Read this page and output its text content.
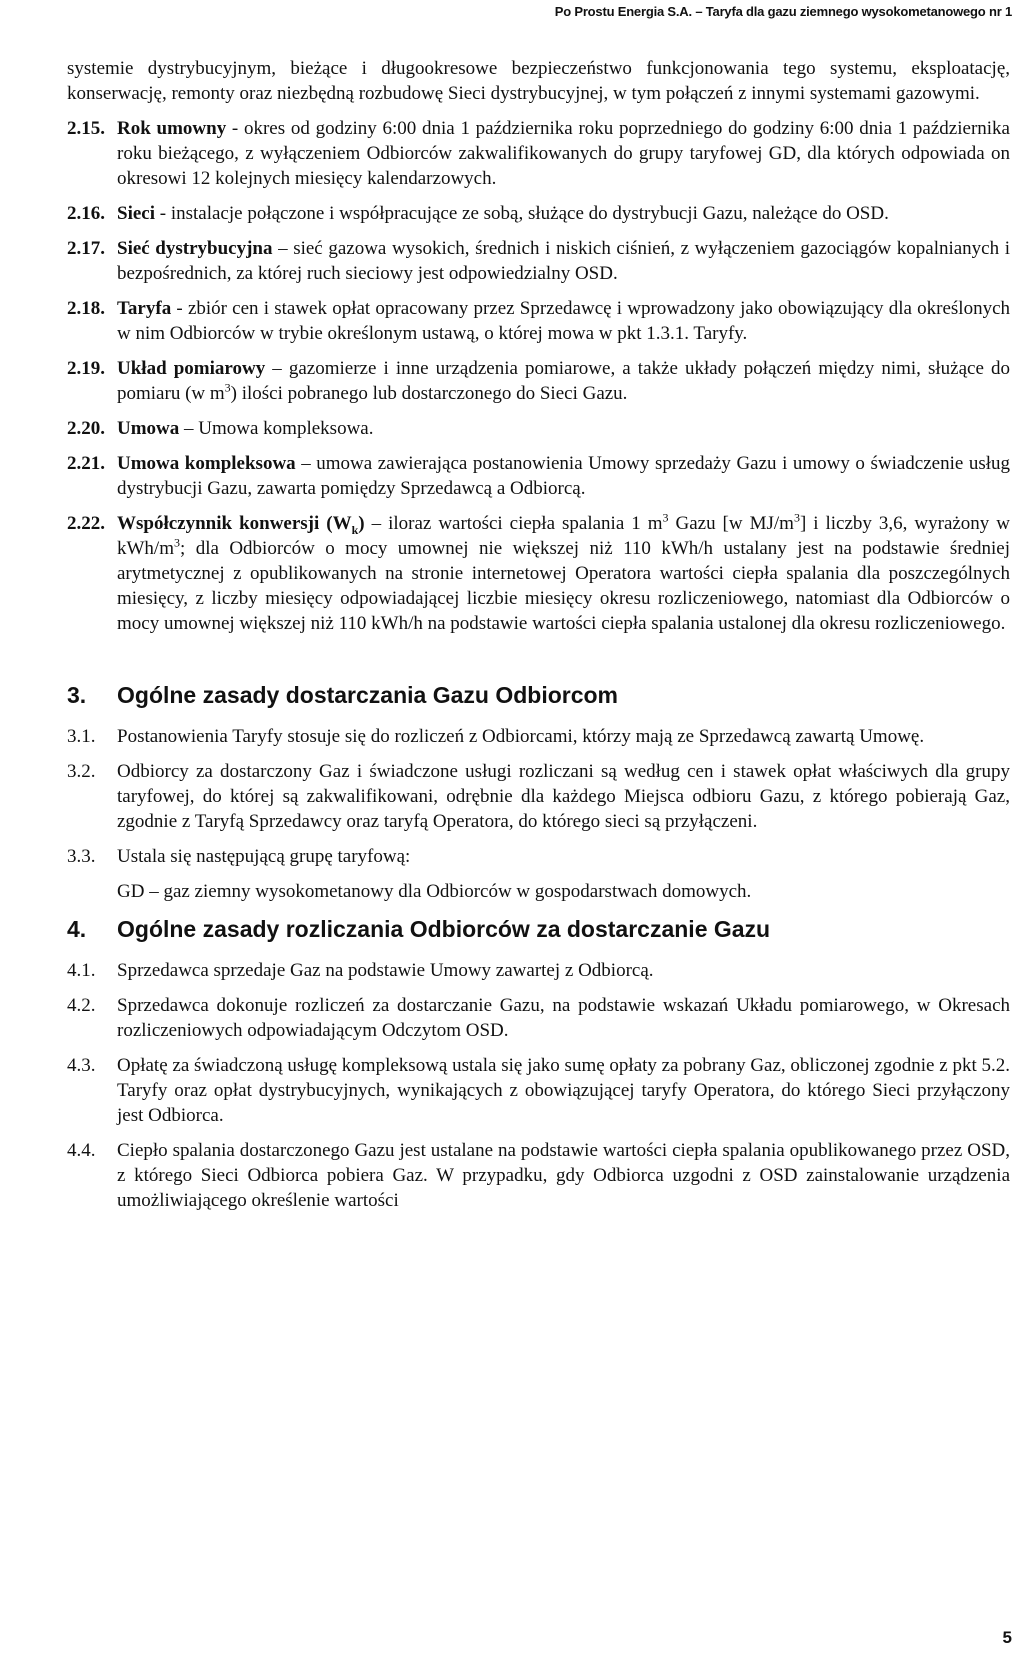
Po Prostu Energia S.A. – Taryfa dla gazu ziemnego wysokometanowego nr 1

systemie dystrybucyjnym, bieżące i długookresowe bezpieczeństwo funkcjonowania tego systemu, eksploatację, konserwację, remonty oraz niezbędną rozbudowę Sieci dystrybucyjnej, w tym połączeń z innymi systemami gazowymi.

2.15. Rok umowny - okres od godziny 6:00 dnia 1 października roku poprzedniego do godziny 6:00 dnia 1 października roku bieżącego, z wyłączeniem Odbiorców zakwalifikowanych do grupy taryfowej GD, dla których odpowiada on okresowi 12 kolejnych miesięcy kalendarzowych.

2.16. Sieci - instalacje połączone i współpracujące ze sobą, służące do dystrybucji Gazu, należące do OSD.

2.17. Sieć dystrybucyjna – sieć gazowa wysokich, średnich i niskich ciśnień, z wyłączeniem gazociągów kopalnianych i bezpośrednich, za której ruch sieciowy jest odpowiedzialny OSD.

2.18. Taryfa - zbiór cen i stawek opłat opracowany przez Sprzedawcę i wprowadzony jako obowiązujący dla określonych w nim Odbiorców w trybie określonym ustawą, o której mowa w pkt 1.3.1. Taryfy.

2.19. Układ pomiarowy – gazomierze i inne urządzenia pomiarowe, a także układy połączeń między nimi, służące do pomiaru (w $m^3$) ilości pobranego lub dostarczonego do Sieci Gazu.

2.20. Umowa – Umowa kompleksowa.

2.21. Umowa kompleksowa – umowa zawierająca postanowienia Umowy sprzedaży Gazu i umowy o świadczenie usług dystrybucji Gazu, zawarta pomiędzy Sprzedawcą a Odbiorcą.

2.22. Współczynnik konwersji $(W_k)$ – iloraz wartości ciepła spalania 1 $m^3$ Gazu [w $MJ/m^3$] i liczby 3,6, wyrażony w kWh/$m^3$; dla Odbiorców o mocy umownej nie większej niż 110 kWh/h ustalany jest na podstawie średniej arytmetycznej z opublikowanych na stronie internetowej Operatora wartości ciepła spalania dla poszczególnych miesięcy, z liczby miesięcy odpowiadającej liczbie miesięcy okresu rozliczeniowego, natomiast dla Odbiorców o mocy umownej większej niż 110 kWh/h na podstawie wartości ciepła spalania ustalonej dla okresu rozliczeniowego.

3.	Ogólne zasady dostarczania Gazu Odbiorcom
3.1.	Postanowienia Taryfy stosuje się do rozliczeń z Odbiorcami, którzy mają ze Sprzedawcą zawartą Umowę.

3.2.	Odbiorcy za dostarczony Gaz i świadczone usługi rozliczani są według cen i stawek opłat właściwych dla grupy taryfowej, do której są zakwalifikowani, odrębnie dla każdego Miejsca odbioru Gazu, z którego pobierają Gaz, zgodnie z Taryfą Sprzedawcy oraz taryfą Operatora, do którego sieci są przyłączeni.

3.3.	Ustala się następującą grupę taryfową:

GD – gaz ziemny wysokometanowy dla Odbiorców w gospodarstwach domowych.

4.	Ogólne zasady rozliczania Odbiorców za dostarczanie Gazu
4.1.	Sprzedawca sprzedaje Gaz na podstawie Umowy zawartej z Odbiorcą.

4.2.	Sprzedawca dokonuje rozliczeń za dostarczanie Gazu, na podstawie wskazań Układu pomiarowego, w Okresach rozliczeniowych odpowiadającym Odczytom OSD.

4.3.	Opłatę za świadczoną usługę kompleksową ustala się jako sumę opłaty za pobrany Gaz, obliczonej zgodnie z pkt 5.2. Taryfy oraz opłat dystrybucyjnych, wynikających z obowiązującej taryfy Operatora, do którego Sieci przyłączony jest Odbiorca.

4.4.	Ciepło spalania dostarczonego Gazu jest ustalane na podstawie wartości ciepła spalania opublikowanego przez OSD, z którego Sieci Odbiorca pobiera Gaz. W przypadku, gdy Odbiorca uzgodni z OSD zainstalowanie urządzenia umożliwiającego określenie wartości

5
